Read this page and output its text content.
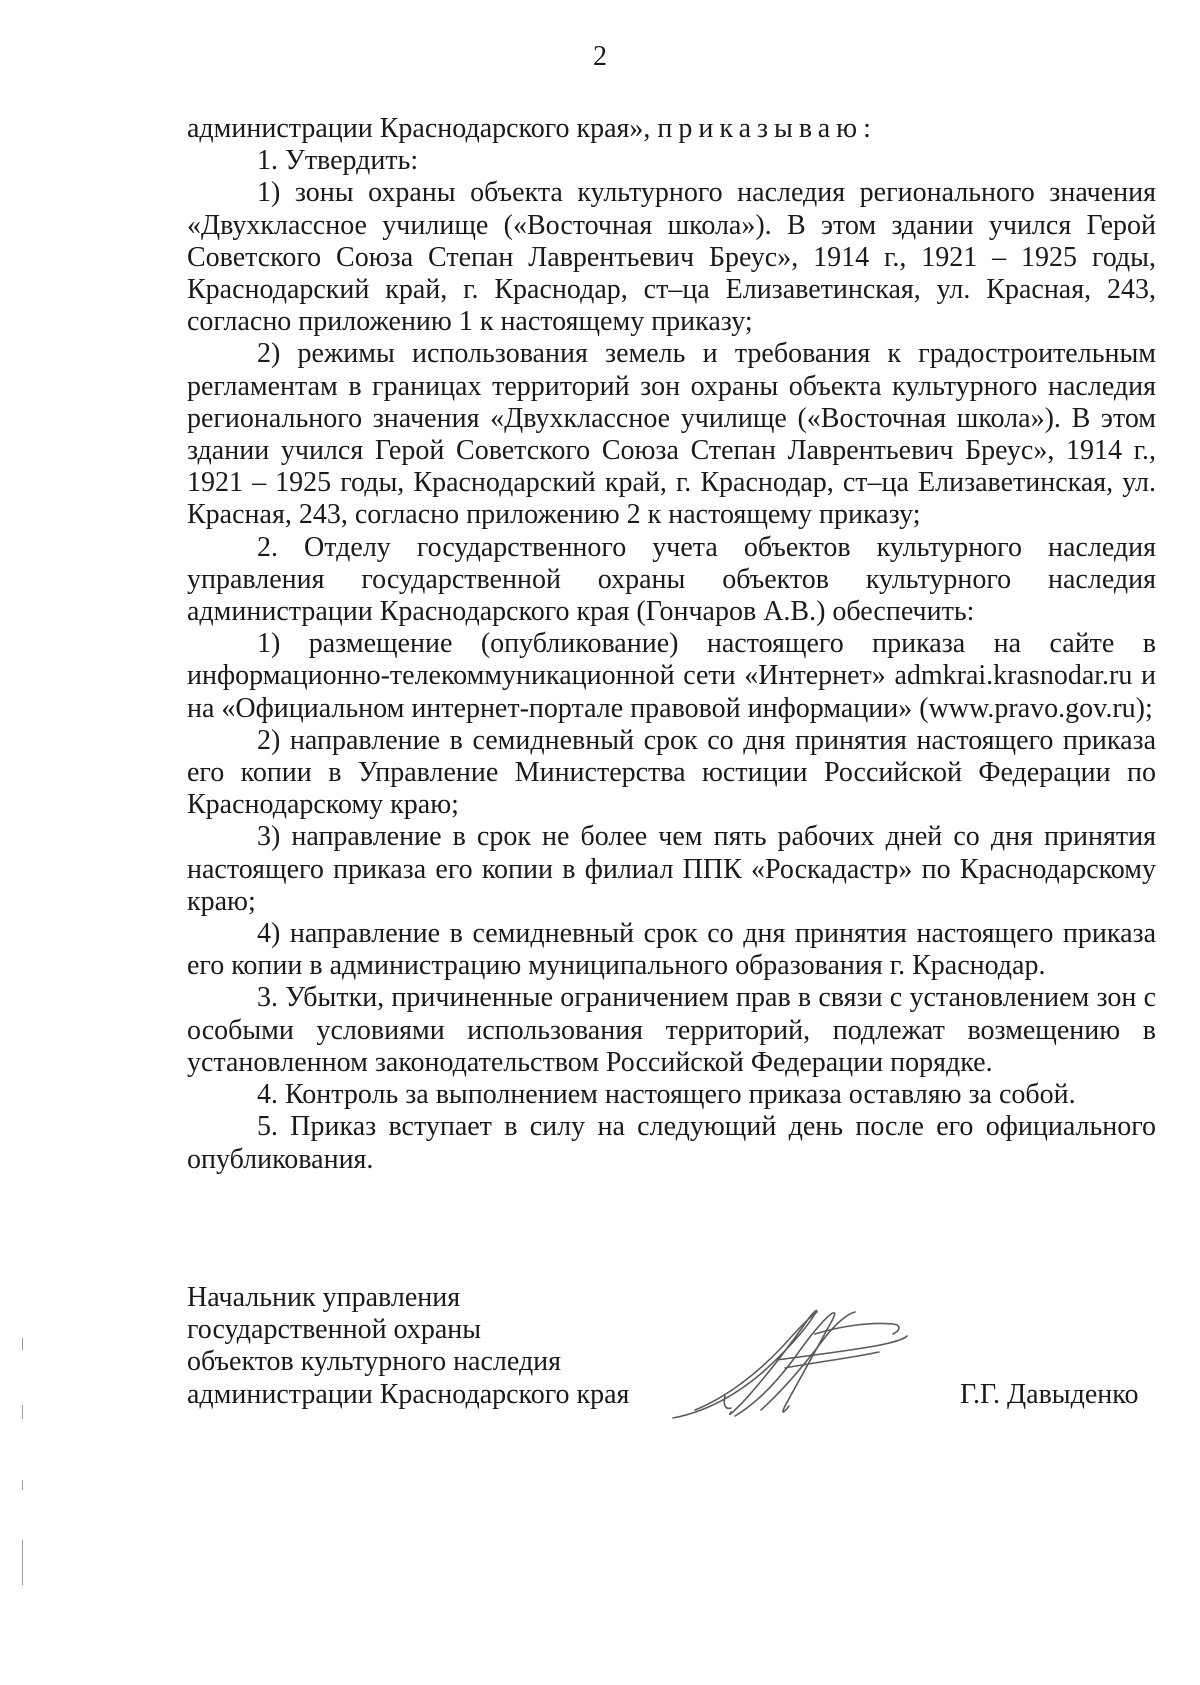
2

администрации Краснодарского края», приказываю:

1. Утвердить:

1) зоны охраны объекта культурного наследия регионального значения «Двухклассное училище («Восточная школа»). В этом здании учился Герой Советского Союза Степан Лаврентьевич Бреус», 1914 г., 1921 – 1925 годы, Краснодарский край, г. Краснодар, ст–ца Елизаветинская, ул. Красная, 243, согласно приложению 1 к настоящему приказу;

2) режимы использования земель и требования к градостроительным регламентам в границах территорий зон охраны объекта культурного наследия регионального значения «Двухклассное училище («Восточная школа»). В этом здании учился Герой Советского Союза Степан Лаврентьевич Бреус», 1914 г., 1921 – 1925 годы, Краснодарский край, г. Краснодар, ст–ца Елизаветинская, ул. Красная, 243, согласно приложению 2 к настоящему приказу;

2. Отделу государственного учета объектов культурного наследия управления государственной охраны объектов культурного наследия администрации Краснодарского края (Гончаров А.В.) обеспечить:

1) размещение (опубликование) настоящего приказа на сайте в информационно-телекоммуникационной сети «Интернет» admkrai.krasnodar.ru и на «Официальном интернет-портале правовой информации» (www.pravo.gov.ru);

2) направление в семидневный срок со дня принятия настоящего приказа его копии в Управление Министерства юстиции Российской Федерации по Краснодарскому краю;

3) направление в срок не более чем пять рабочих дней со дня принятия настоящего приказа его копии в филиал ППК «Роскадастр» по Краснодарскому краю;

4) направление в семидневный срок со дня принятия настоящего приказа его копии в администрацию муниципального образования г. Краснодар.

3. Убытки, причиненные ограничением прав в связи с установлением зон с особыми условиями использования территорий, подлежат возмещению в установленном законодательством Российской Федерации порядке.

4. Контроль за выполнением настоящего приказа оставляю за собой.

5. Приказ вступает в силу на следующий день после его официального опубликования.

Начальник управления
государственной охраны
объектов культурного наследия
администрации Краснодарского края	Г.Г. Давыденко
